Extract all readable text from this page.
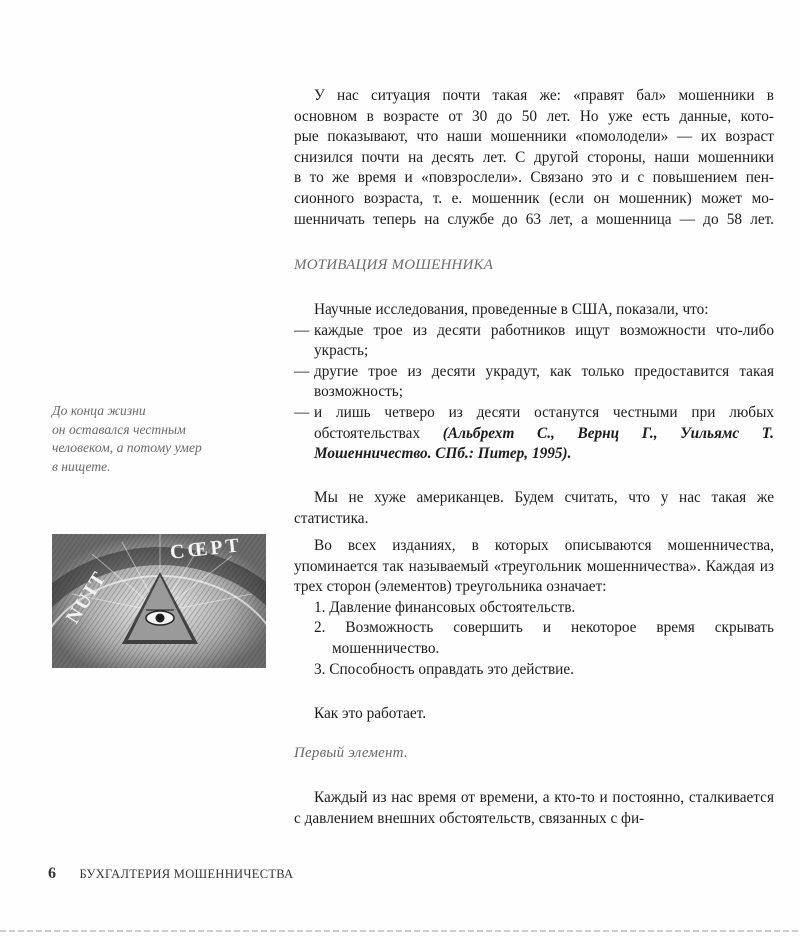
У нас ситуация почти такая же: «правят бал» мошенники в

основном в возрасте от 30 до 50 лет. Но уже есть данные, кото-

рые показывают, что наши мошенники «помолодели» — их возраст

снизился почти на десять лет. С другой стороны, наши мошенники

в то же время и «повзрослели». Связано это и с повышением пен-

сионного возраста, т. е. мошенник (если он мошенник) может мо-

шенничать теперь на службе до 63 лет, а мошенница — до 58 лет.

МОТИВАЦИЯ МОШЕННИКА

Научные исследования, проведенные в США, показали, что:

— каждые трое из десяти работников ищут возможности что-либо украсть;

— другие трое из десяти украдут, как только предоставится такая возможность;

— и лишь четверо из десяти останутся честными при любых обстоятельствах (Альбрехт С., Вернц Г., Уильямс Т. Мошенничество. СПб.: Питер, 1995).

Мы не хуже американцев. Будем считать, что у нас такая же статистика.

Во всех изданиях, в которых описываются мошенничества, упоминается так называемый «треугольник мошенничества». Каждая из трех сторон (элементов) треугольника означает:

1. Давление финансовых обстоятельств.

2. Возможность совершить и некоторое время скрывать мошенничество.

3. Способность оправдать это действие.

Как это работает.

Первый элемент.

Каждый из нас время от времени, а кто-то и постоянно, сталкивается с давлением внешних обстоятельств, связанных с фи-

До конца жизни
он оставался честным
человеком, а потому умер
в нищете.
NUIT
CŒPT
6 БУХГАЛТЕРИЯ МОШЕННИЧЕСТВА
